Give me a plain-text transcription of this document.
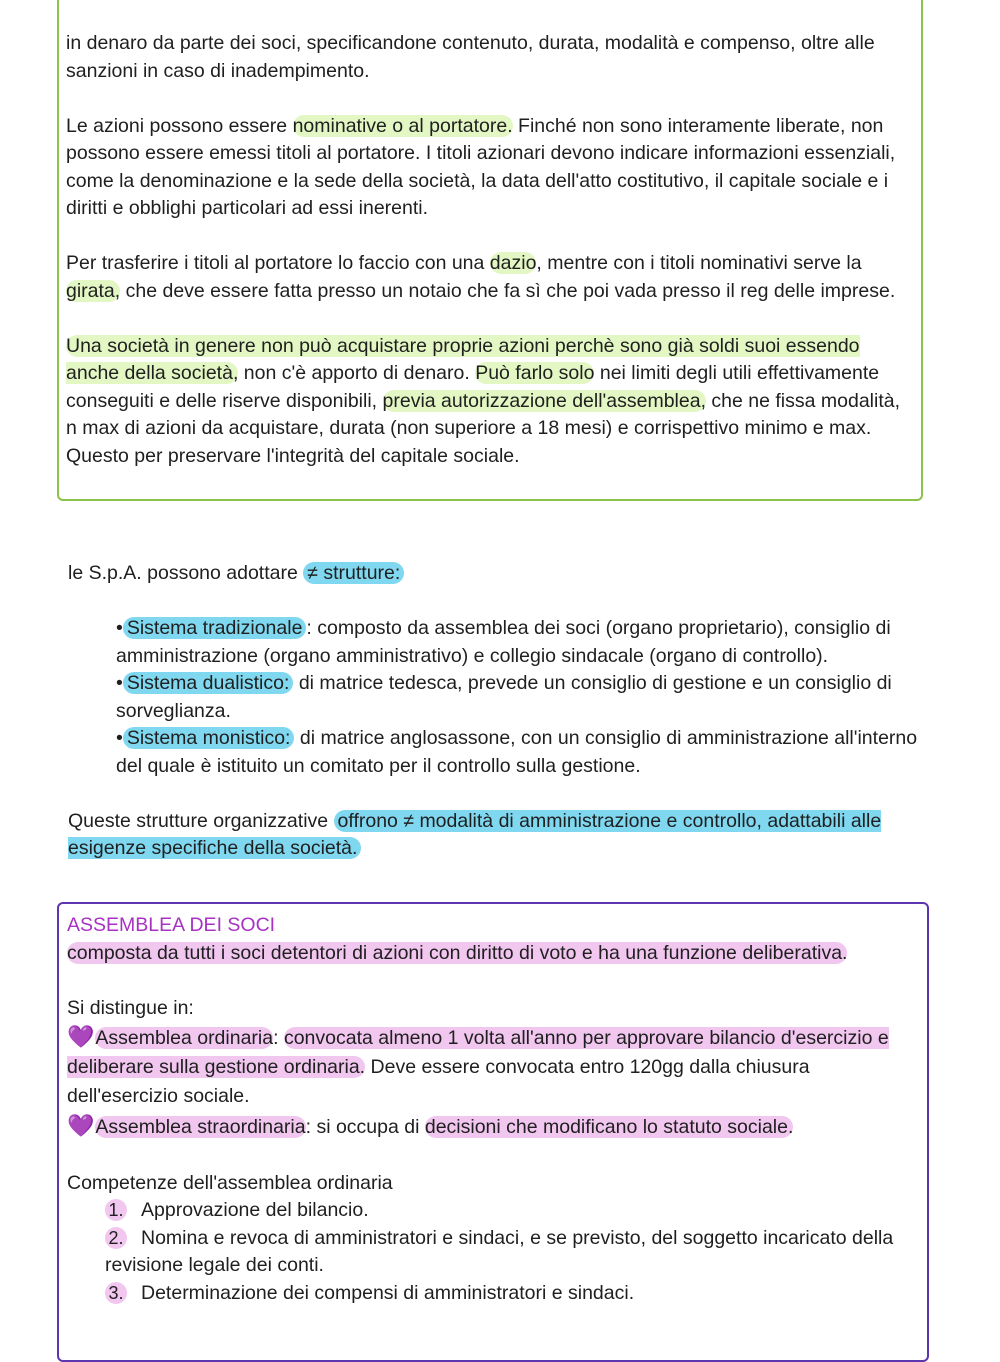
in denaro da parte dei soci, specificandone contenuto, durata, modalità e compenso, oltre alle sanzioni in caso di inadempimento.

Le azioni possono essere nominative o al portatore. Finché non sono interamente liberate, non possono essere emessi titoli al portatore. I titoli azionari devono indicare informazioni essenziali, come la denominazione e la sede della società, la data dell'atto costitutivo, il capitale sociale e i diritti e obblighi particolari ad essi inerenti.

Per trasferire i titoli al portatore lo faccio con una dazio, mentre con i titoli nominativi serve la girata, che deve essere fatta presso un notaio che fa sì che poi vada presso il reg delle imprese.

Una società in genere non può acquistare proprie azioni perchè sono già soldi suoi essendo anche della società, non c'è apporto di denaro. Può farlo solo nei limiti degli utili effettivamente conseguiti e delle riserve disponibili, previa autorizzazione dell'assemblea, che ne fissa modalità, n max di azioni da acquistare, durata (non superiore a 18 mesi) e corrispettivo minimo e max. Questo per preservare l'integrità del capitale sociale.

le S.p.A. possono adottare ≠ strutture:

• Sistema tradizionale : composto da assemblea dei soci (organo proprietario), consiglio di amministrazione (organo amministrativo) e collegio sindacale (organo di controllo).

• Sistema dualistico: di matrice tedesca, prevede un consiglio di gestione e un consiglio di sorveglianza.

• Sistema monistico: di matrice anglosassone, con un consiglio di amministrazione all'interno del quale è istituito un comitato per il controllo sulla gestione.

Queste strutture organizzative offrono ≠ modalità di amministrazione e controllo, adattabili alle esigenze specifiche della società.

ASSEMBLEA DEI SOCI

composta da tutti i soci detentori di azioni con diritto di voto e ha una funzione deliberativa.

Si distingue in:

💜 Assemblea ordinaria: convocata almeno 1 volta all'anno per approvare bilancio d'esercizio e deliberare sulla gestione ordinaria. Deve essere convocata entro 120gg dalla chiusura dell'esercizio sociale.

💜 Assemblea straordinaria: si occupa di decisioni che modificano lo statuto sociale.

Competenze dell'assemblea ordinaria

1. Approvazione del bilancio.

2. Nomina e revoca di amministratori e sindaci, e se previsto, del soggetto incaricato della revisione legale dei conti.

3. Determinazione dei compensi di amministratori e sindaci.
